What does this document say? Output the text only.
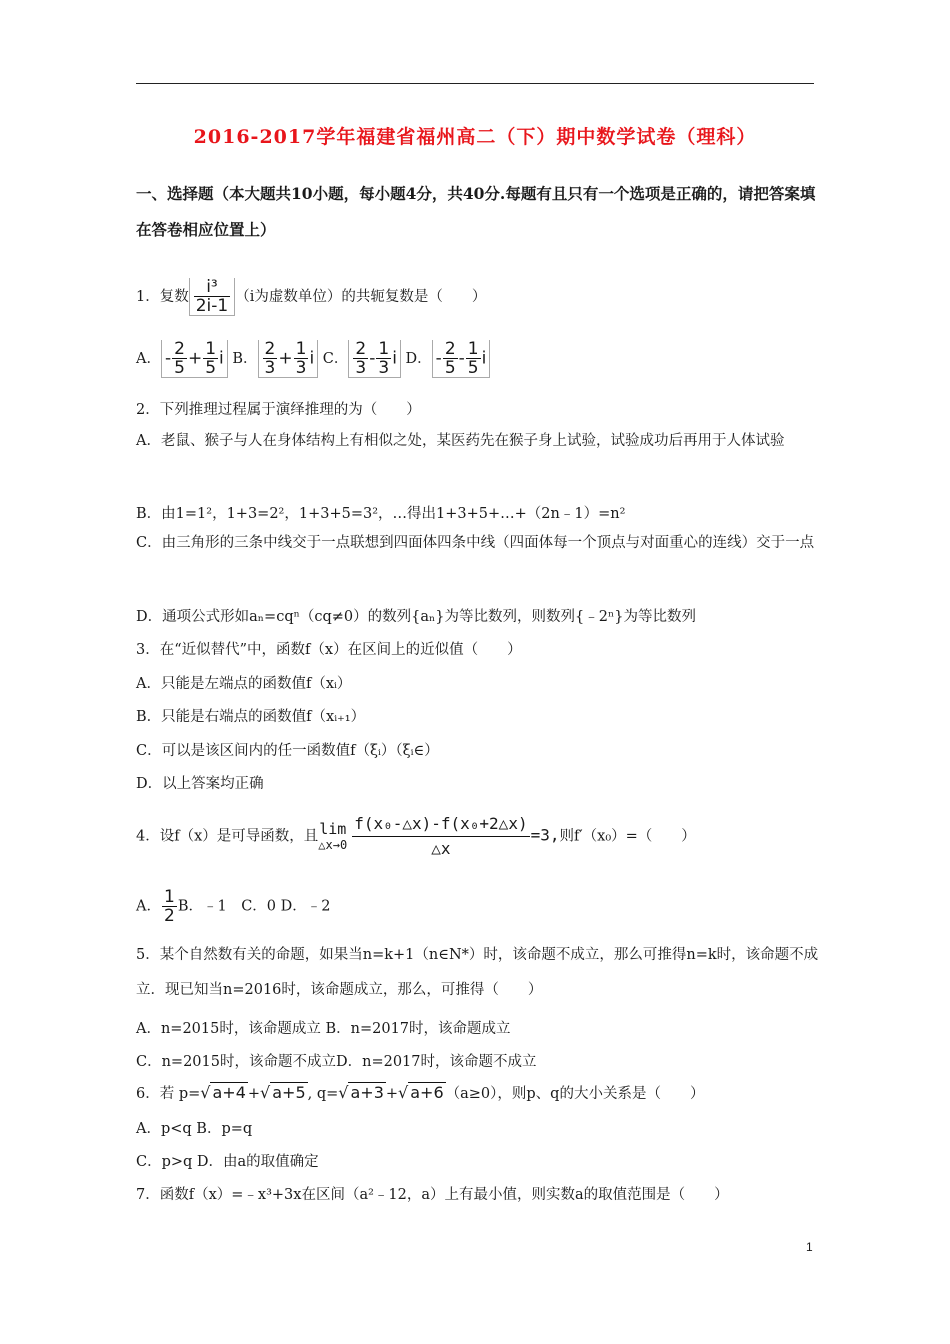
2016-2017学年福建省福州高二（下）期中数学试卷（理科）
一、选择题（本大题共10小题，每小题4分，共40分.每题有且只有一个选项是正确的，请把答案填在答卷相应位置上）
1．复数 $\frac{\text{i³}}{2i-1} (i$为虚数单位）的共轭复数是（　　）
A． - $\frac{2}{5} + \frac{1}{5}$ i B． $\frac{2}{3} + \frac{1}{3}$ i C． $\frac{2}{3} - \frac{1}{3}$ i D． - $\frac{2}{5} - \frac{1}{5}$ i
2．下列推理过程属于演绎推理的为（　　）
A．老鼠、猴子与人在身体结构上有相似之处，某医药先在猴子身上试验，试验成功后再用于人体试验
B．由1=1²，1+3=2²，1+3+5=3²，…得出1+3+5+…+（2n﹣1）=n²
C．由三角形的三条中线交于一点联想到四面体四条中线（四面体每一个顶点与对面重心的连线）交于一点
D．通项公式形如aₙ=cqⁿ（cq≠0）的数列{aₙ}为等比数列，则数列{﹣2ⁿ}为等比数列
3．在“近似替代”中，函数f（x）在区间上的近似值（　　）
A．只能是左端点的函数值f（xᵢ）
B．只能是右端点的函数值f（xᵢ₊₁）
C．可以是该区间内的任一函数值f（ξᵢ）（ξᵢ∈）
D．以上答案均正确
4．设f（x）是可导函数，且lim
△x→0 $\frac{\text{f(x₀-△x)-f(x₀+2△x)}}{\triangle x} =3$,则f′（x₀）=（　　）
A． $\frac{1}{2}$ B．﹣1　C．0 D．﹣2
5．某个自然数有关的命题，如果当n=k+1（n∈N*）时，该命题不成立，那么可推得n=k时，该命题不成立．现已知当n=2016时，该命题成立，那么，可推得（　　）
A．n=2015时，该命题成立 B．n=2017时，该命题成立
C．n=2015时，该命题不成立D．n=2017时，该命题不成立
6．若 p=√ a+4 +√ a+5 , q=√ a+3 +√ a+6 （a≥0），则p、q的大小关系是（　　）
A．p<q B．p=q
C．p>q D．由a的取值确定
7．函数f（x）=﹣x³+3x在区间（a²﹣12，a）上有最小值，则实数a的取值范围是（　　）
1
